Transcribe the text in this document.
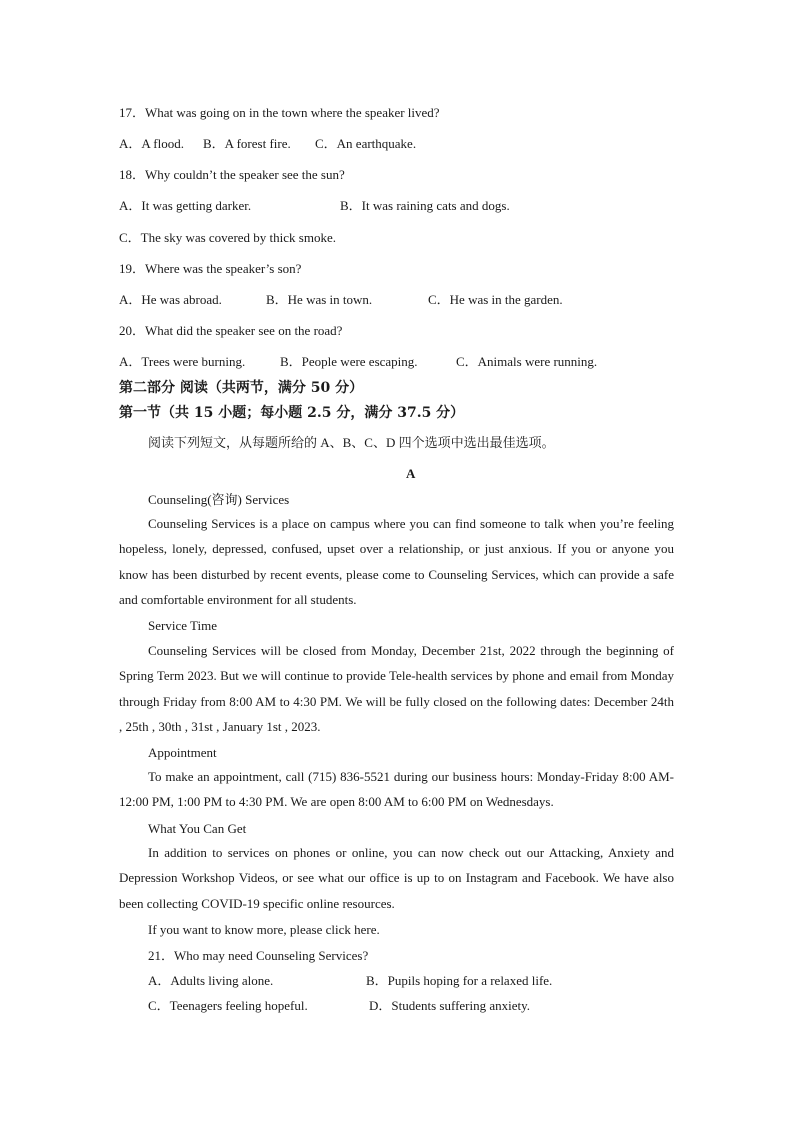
17．What was going on in the town where the speaker lived?
A．A flood. B．A forest fire. C．An earthquake.
18．Why couldn’t the speaker see the sun?
A．It was getting darker.	B．It was raining cats and dogs.
C．The sky was covered by thick smoke.
19．Where was the speaker’s son?
A．He was abroad.	B．He was in town.	C．He was in the garden.
20．What did the speaker see on the road?
A．Trees were burning.	B．People were escaping.	C．Animals were running.
第二部分 阅读（共两节，满分 50 分）
第一节（共 15 小题；每小题 2.5 分，满分 37.5 分）
阅读下列短文，从每题所给的 A、B、C、D 四个选项中选出最佳选项。
A
Counseling(咨询) Services
Counseling Services is a place on campus where you can find someone to talk when you’re feeling hopeless, lonely, depressed, confused, upset over a relationship, or just anxious. If you or anyone you know has been disturbed by recent events, please come to Counseling Services, which can provide a safe and comfortable environment for all students.
Service Time
Counseling Services will be closed from Monday, December 21st, 2022 through the beginning of Spring Term 2023. But we will continue to provide Tele-health services by phone and email from Monday through Friday from 8:00 AM to 4:30 PM. We will be fully closed on the following dates: December 24th , 25th , 30th , 31st , January 1st , 2023.
Appointment
To make an appointment, call (715) 836-5521 during our business hours: Monday-Friday 8:00 AM-12:00 PM, 1:00 PM to 4:30 PM. We are open 8:00 AM to 6:00 PM on Wednesdays.
What You Can Get
In addition to services on phones or online, you can now check out our Attacking, Anxiety and Depression Workshop Videos, or see what our office is up to on Instagram and Facebook. We have also been collecting COVID-19 specific online resources.
If you want to know more, please click here.
21．Who may need Counseling Services?
A．Adults living alone.	B．Pupils hoping for a relaxed life.
C．Teenagers feeling hopeful.	D．Students suffering anxiety.
